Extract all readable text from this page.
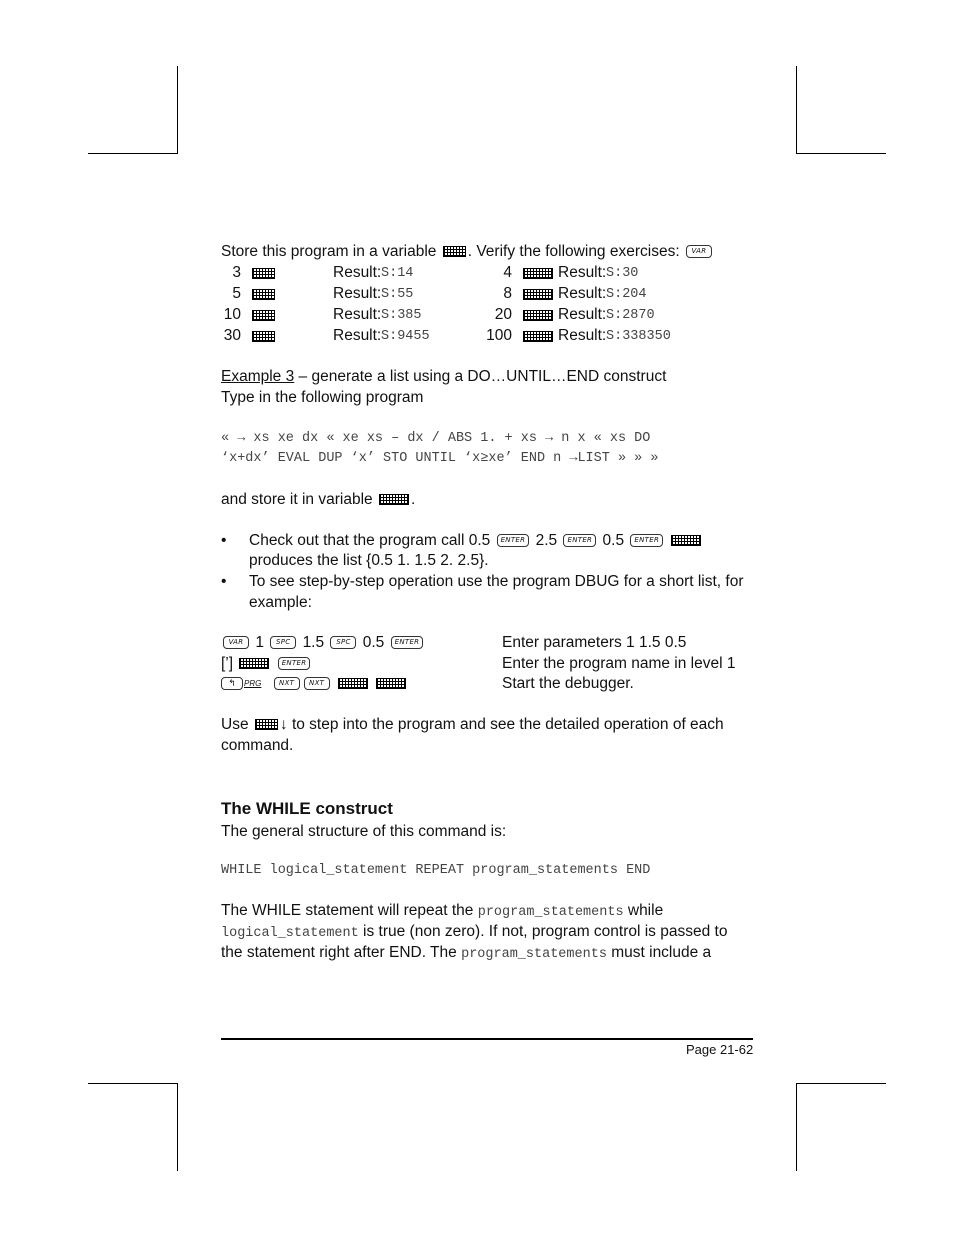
Store this program in a variable . Verify the following exercises: VAR
3	Result: S:14	4	Result: S:30
5	Result: S:55	8	Result: S:204
10	Result: S:385	20	Result: S:2870
30	Result: S:9455	100	Result: S:338350
Example 3 – generate a list using a DO…UNTIL…END construct
Type in the following program
« → xs xe dx « xe xs – dx / ABS 1. + xs → n x « xs DO
‘x+dx’ EVAL DUP ‘x’ STO UNTIL ‘x≥xe’ END n →LIST » » »
and store it in variable .
• Check out that the program call 0.5 ENTER 2.5 ENTER 0.5 ENTER
produces the list {0.5 1. 1.5 2. 2.5}.
• To see step-by-step operation use the program DBUG for a short list, for
example:
VAR 1 SPC 1.5 SPC 0.5 ENTER	Enter parameters 1 1.5 0.5
[’]	ENTER	Enter the program name in level 1
↰ PRG	NXT NXT	Start the debugger.
Use ↓ to step into the program and see the detailed operation of each
command.
The WHILE construct
The general structure of this command is:
WHILE logical_statement REPEAT program_statements END
The WHILE statement will repeat the program_statements while
logical_statement is true (non zero). If not, program control is passed to
the statement right after END. The program_statements must include a
Page 21-62
